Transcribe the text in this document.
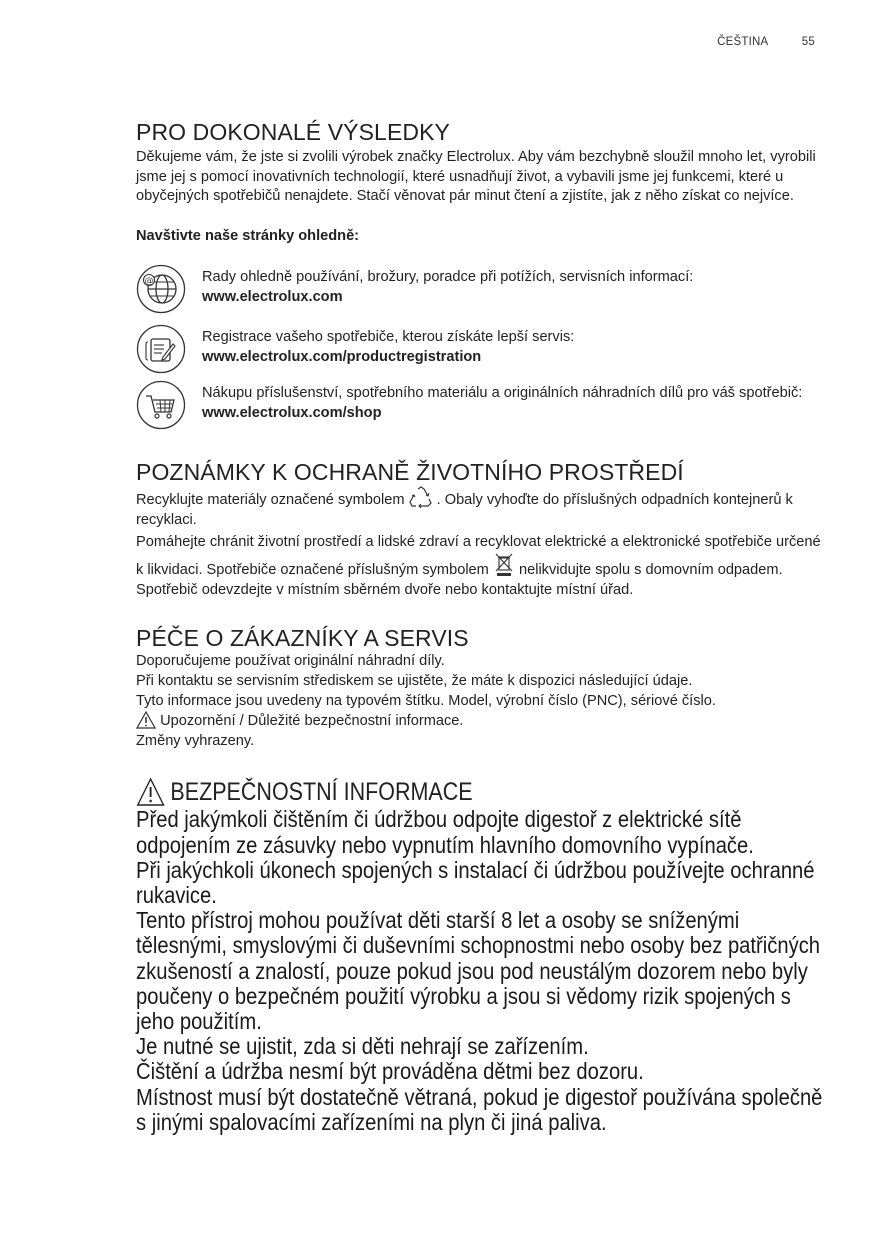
ČEŠTINA	55
PRO DOKONALÉ VÝSLEDKY

Děkujeme vám, že jste si zvolili výrobek značky Electrolux. Aby vám bezchybně sloužil mnoho let, vyrobili jsme jej s pomocí inovativních technologií, které usnadňují život, a vybavili jsme jej funkcemi, které u obyčejných spotřebičů nenajdete. Stačí věnovat pár minut čtení a zjistíte, jak z něho získat co nejvíce.

Navštivte naše stránky ohledně:

@	Rady ohledně používání, brožury, poradce při potížích, servisních informací:

www.electrolux.com

Registrace vašeho spotřebiče, kterou získáte lepší servis:

www.electrolux.com/productregistration

Nákupu příslušenství, spotřebního materiálu a originálních náhradních dílů pro váš spotřebič:

www.electrolux.com/shop

POZNÁMKY K OCHRANĚ ŽIVOTNÍHO PROSTŘEDÍ

Recyklujte materiály označené symbolem . Obaly vyhoďte do příslušných odpadních kontejnerů k recyklaci.

Pomáhejte chránit životní prostředí a lidské zdraví a recyklovat elektrické a elektronické spotřebiče určené k likvidaci. Spotřebiče označené příslušným symbolem nelikvidujte spolu s domovním odpadem. Spotřebič odevzdejte v místním sběrném dvoře nebo kontaktujte místní úřad.

PÉČE O ZÁKAZNÍKY A SERVIS

Doporučujeme používat originální náhradní díly.

Při kontaktu se servisním střediskem se ujistěte, že máte k dispozici následující údaje.

Tyto informace jsou uvedeny na typovém štítku. Model, výrobní číslo (PNC), sériové číslo.

Upozornění / Důležité bezpečnostní informace.

Změny vyhrazeny.

BEZPEČNOSTNÍ INFORMACE

Před jakýmkoli čištěním či údržbou odpojte digestoř z elektrické sítě odpojením ze zásuvky nebo vypnutím hlavního domovního vypínače.

Při jakýchkoli úkonech spojených s instalací či údržbou používejte ochranné rukavice.

Tento přístroj mohou používat děti starší 8 let a osoby se sníženými tělesnými, smyslovými či duševními schopnostmi nebo osoby bez patřičných zkušeností a znalostí, pouze pokud jsou pod neustálým dozorem nebo byly poučeny o bezpečném použití výrobku a jsou si vědomy rizik spojených s jeho použitím.

Je nutné se ujistit, zda si děti nehrají se zařízením.

Čištění a údržba nesmí být prováděna dětmi bez dozoru.

Místnost musí být dostatečně větraná, pokud je digestoř používána společně s jinými spalovacími zařízeními na plyn či jiná paliva.
